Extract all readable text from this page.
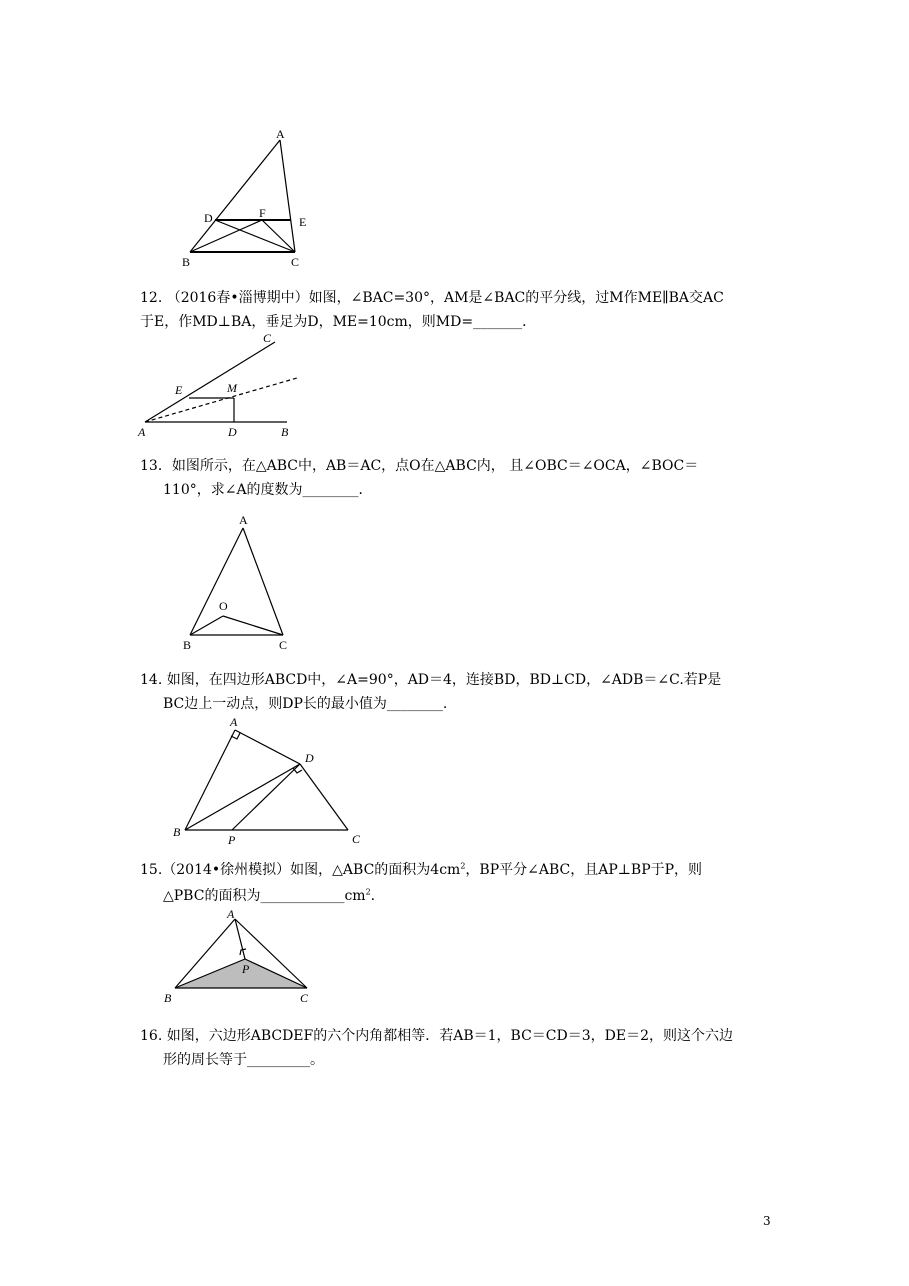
A
D	F
E
B	C
12. （2016春•淄博期中）如图，∠BAC=30°，AM是∠BAC的平分线，过M作ME∥BA交AC
于E，作MD⊥BA，垂足为D，ME=10cm，则MD=_______．
C
E	M
A	D	B
13．如图所示，在△ABC中，AB＝AC，点O在△ABC内， 且∠OBC＝∠OCA，∠BOC＝
110°，求∠A的度数为________．
A
O
B	C
14. 如图，在四边形ABCD中，∠A=90°，AD＝4，连接BD，BD⊥CD，∠ADB＝∠C.若P是
BC边上一动点，则DP长的最小值为________.
A
D
B
P	C
15.（2014•徐州模拟）如图，△ABC的面积为$4cm^2$，BP平分∠ABC，且AP⊥BP于P，则
△PBC的面积为$\_\_\_\_\_\_\_\_\_\_\_\_cm^2$.
A
P
B	C
16. 如图，六边形ABCDEF的六个内角都相等．若AB＝1，BC＝CD＝3，DE＝2，则这个六边
形的周长等于_________。
3
